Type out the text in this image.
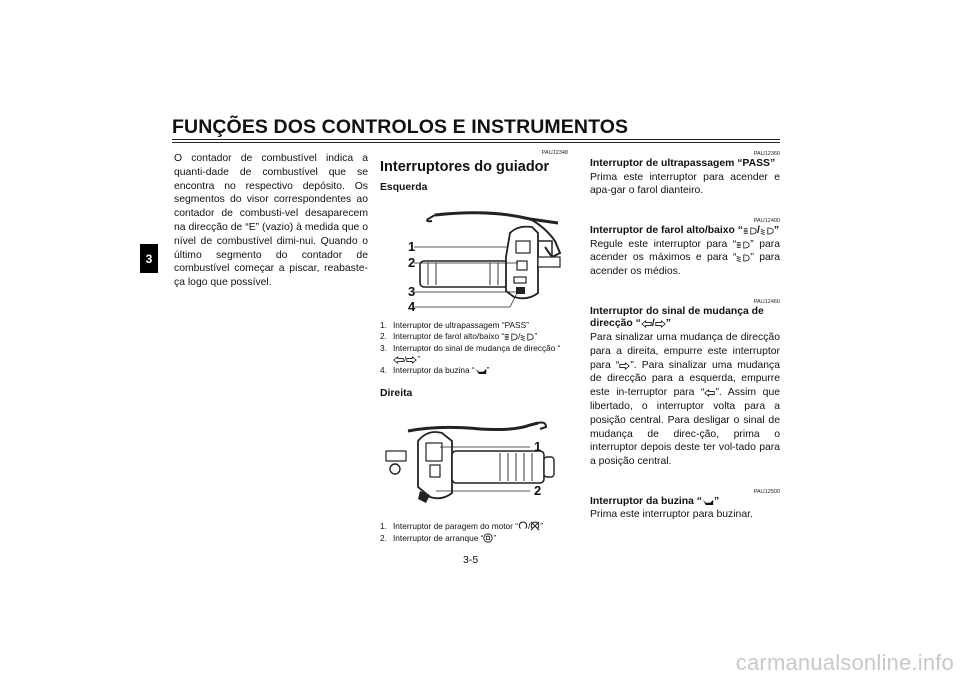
FUNÇÕES DOS CONTROLOS E INSTRUMENTOS
3
O contador de combustível indica a quanti-dade de combustível que se encontra no respectivo depósito. Os segmentos do visor correspondentes ao contador de combusti-vel desaparecem na direcção de “E” (vazio) à medida que o nível de combustível dimi-nui. Quando o último segmento do contador de combustível começar a piscar, reabaste-ça logo que possível.
PAU12348
Interruptores do guiador
Esquerda
1
2
3
4
1. Interruptor de ultrapassagem “PASS”
2. Interruptor de farol alto/baixo “ / ”
3. Interruptor do sinal de mudança de direcção “/ ”
4. Interruptor da buzina “ ”
Direita
1
2
1. Interruptor de paragem do motor “ / ”
2. Interruptor de arranque “ ”
PAU12360
Interruptor de ultrapassagem “PASS”
Prima este interruptor para acender e apa-gar o farol dianteiro.
PAU12400
Interruptor de farol alto/baixo “ / ”
Regule este interruptor para “ ” para acender os máximos e para “ ” para acender os médios.
PAU12460
Interruptor do sinal de mudança de direcção “ / ”
Para sinalizar uma mudança de direcção para a direita, empurre este interruptor para “ ”. Para sinalizar uma mudança de direcção para a esquerda, empurre este in-terruptor para “ ”. Assim que libertado, o interruptor volta para a posição central. Para desligar o sinal de mudança de direc-ção, prima o interruptor depois deste ter vol-tado para a posição central.
PAU12500
Interruptor da buzina “ ”
Prima este interruptor para buzinar.
3-5
carmanualsonline.info
